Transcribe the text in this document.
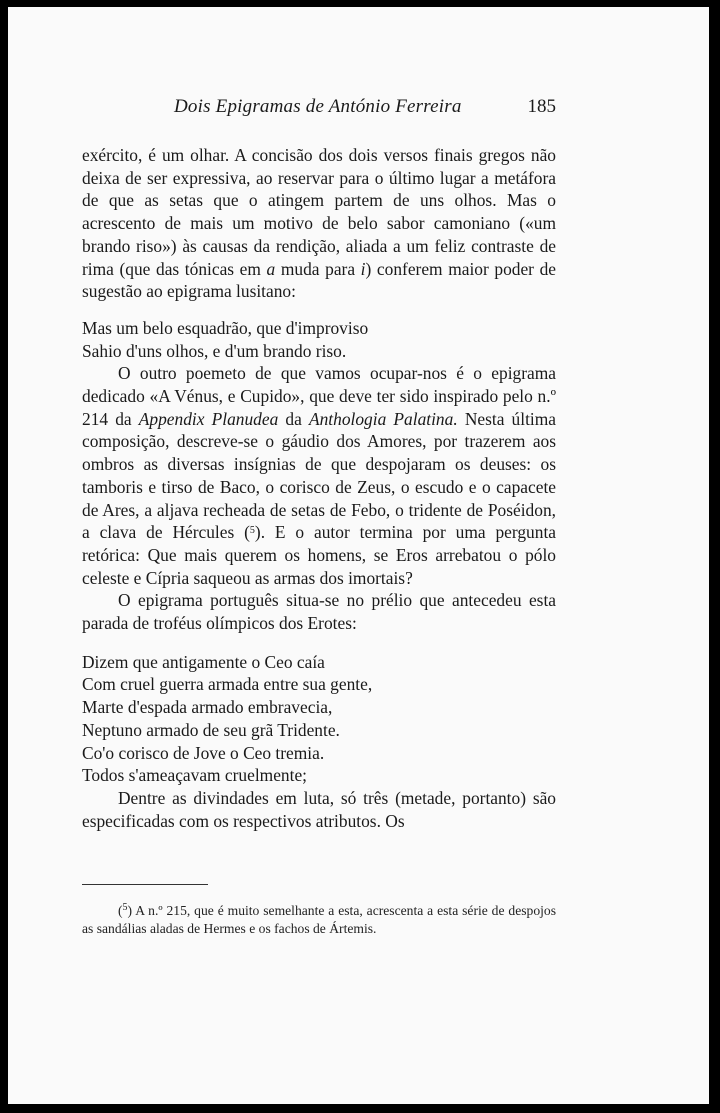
Dois Epigramas de António Ferreira	185

exército, é um olhar. A concisão dos dois versos finais gregos não deixa de ser expressiva, ao reservar para o último lugar a metáfora de que as setas que o atingem partem de uns olhos. Mas o acrescento de mais um motivo de belo sabor camoniano («um brando riso») às causas da rendição, aliada a um feliz contraste de rima (que das tónicas em a muda para i) conferem maior poder de sugestão ao epigrama lusitano:

Mas um belo esquadrão, que d'improviso
Sahio d'uns olhos, e d'um brando riso.

O outro poemeto de que vamos ocupar-nos é o epigrama dedicado «A Vénus, e Cupido», que deve ter sido inspirado pelo n.º 214 da Appendix Planudea da Anthologia Palatina. Nesta última composição, descreve-se o gáudio dos Amores, por trazerem aos ombros as diversas insígnias de que despojaram os deuses: os tamboris e tirso de Baco, o corisco de Zeus, o escudo e o capacete de Ares, a aljava recheada de setas de Febo, o tridente de Poséidon, a clava de Hércules ($^5$). E o autor termina por uma pergunta retórica: Que mais querem os homens, se Eros arrebatou o pólo celeste e Cípria saqueou as armas dos imortais?

O epigrama português situa-se no prélio que antecedeu esta parada de troféus olímpicos dos Erotes:

Dizem que antigamente o Ceo caía
Com cruel guerra armada entre sua gente,
Marte d'espada armado embravecia,
Neptuno armado de seu grã Tridente.
Co'o corisco de Jove o Ceo tremia.
Todos s'ameaçavam cruelmente;

Dentre as divindades em luta, só três (metade, portanto) são especificadas com os respectivos atributos. Os

($^5$) A n.º 215, que é muito semelhante a esta, acrescenta a esta série de despojos as sandálias aladas de Hermes e os fachos de Ártemis.
